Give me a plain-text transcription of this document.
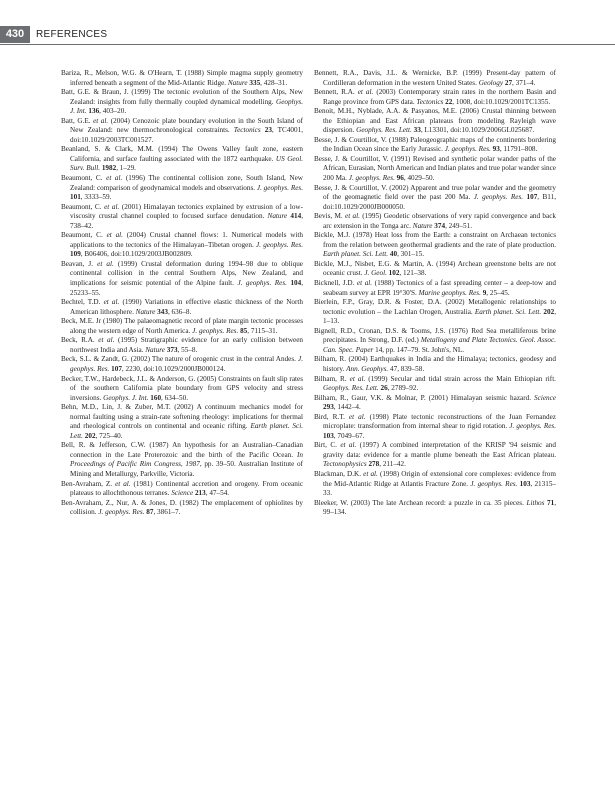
430	REFERENCES
Bariza, R., Melson, W.G. & O'Hearn, T. (1988) Simple magma supply geometry inferred beneath a segment of the Mid-Atlantic Ridge. Nature 335, 428–31.
Batt, G.E. & Braun, J. (1999) The tectonic evolution of the Southern Alps, New Zealand: insights from fully thermally coupled dynamical modelling. Geophys. J. Int. 136, 403–20.
Batt, G.E. et al. (2004) Cenozoic plate boundary evolution in the South Island of New Zealand: new thermochronological constraints. Tectonics 23, TC4001, doi:10.1029/2003TC001527.
Beanland, S. & Clark, M.M. (1994) The Owens Valley fault zone, eastern California, and surface faulting associated with the 1872 earthquake. US Geol. Surv. Bull. 1982, 1–29.
Beaumont, C. et al. (1996) The continental collision zone, South Island, New Zealand: comparison of geodynamical models and observations. J. geophys. Res. 101, 3333–59.
Beaumont, C. et al. (2001) Himalayan tectonics explained by extrusion of a low-viscosity crustal channel coupled to focused surface denudation. Nature 414, 738–42.
Beaumont, C. et al. (2004) Crustal channel flows: 1. Numerical models with applications to the tectonics of the Himalayan–Tibetan orogen. J. geophys. Res. 109, B06406, doi:10.1029/2003JB002809.
Beavan, J. et al. (1999) Crustal deformation during 1994–98 due to oblique continental collision in the central Southern Alps, New Zealand, and implications for seismic potential of the Alpine fault. J. geophys. Res. 104, 25233–55.
Bechtel, T.D. et al. (1990) Variations in effective elastic thickness of the North American lithosphere. Nature 343, 636–8.
Beck, M.E. Jr (1980) The palaeomagnetic record of plate margin tectonic processes along the western edge of North America. J. geophys. Res. 85, 7115–31.
Beck, R.A. et al. (1995) Stratigraphic evidence for an early collision between northwest India and Asia. Nature 373, 55–8.
Beck, S.L. & Zandt, G. (2002) The nature of orogenic crust in the central Andes. J. geophys. Res. 107, 2230, doi:10.1029/2000JB000124.
Becker, T.W., Hardebeck, J.L. & Anderson, G. (2005) Constraints on fault slip rates of the southern California plate boundary from GPS velocity and stress inversions. Geophys. J. Int. 160, 634–50.
Behn, M.D., Lin, J. & Zuber, M.T. (2002) A continuum mechanics model for normal faulting using a strain-rate softening rheology: implications for thermal and rheological controls on continental and oceanic rifting. Earth planet. Sci. Lett. 202, 725–40.
Bell, R. & Jefferson, C.W. (1987) An hypothesis for an Australian–Canadian connection in the Late Proterozoic and the birth of the Pacific Ocean. In Proceedings of Pacific Rim Congress, 1987, pp. 39–50. Australian Institute of Mining and Metallurgy, Parkville, Victoria.
Ben-Avraham, Z. et al. (1981) Continental accretion and orogeny. From oceanic plateaus to allochthonous terranes. Science 213, 47–54.
Ben-Avraham, Z., Nur, A. & Jones, D. (1982) The emplacement of ophiolites by collision. J. geophys. Res. 87, 3861–7.
Bennett, R.A., Davis, J.L. & Wernicke, B.P. (1999) Present-day pattern of Cordilleran deformation in the western United States. Geology 27, 371–4.
Bennett, R.A. et al. (2003) Contemporary strain rates in the northern Basin and Range province from GPS data. Tectonics 22, 1008, doi:10.1029/2001TC1355.
Benoit, M.H., Nyblade, A.A. & Pasyanos, M.E. (2006) Crustal thinning between the Ethiopian and East African plateaus from modeling Rayleigh wave dispersion. Geophys. Res. Lett. 33, L13301, doi:10.1029/2006GL025687.
Besse, J. & Courtillot, V. (1988) Paleogeographic maps of the continents bordering the Indian Ocean since the Early Jurassic. J. geophys. Res. 93, 11791–808.
Besse, J. & Courtillot, V. (1991) Revised and synthetic polar wander paths of the African, Eurasian, North American and Indian plates and true polar wander since 200 Ma. J. geophys. Res. 96, 4029–50.
Besse, J. & Courtillot, V. (2002) Apparent and true polar wander and the geometry of the geomagnetic field over the past 200 Ma. J. geophys. Res. 107, B11, doi:10.1029/2000JB000050.
Bevis, M. et al. (1995) Geodetic observations of very rapid convergence and back arc extension in the Tonga arc. Nature 374, 249–51.
Bickle, M.J. (1978) Heat loss from the Earth: a constraint on Archaean tectonics from the relation between geothermal gradients and the rate of plate production. Earth planet. Sci. Lett. 40, 301–15.
Bickle, M.J., Nisbet, E.G. & Martin, A. (1994) Archean greenstone belts are not oceanic crust. J. Geol. 102, 121–38.
Bicknell, J.D. et al. (1988) Tectonics of a fast spreading center – a deep-tow and seabeam survey at EPR 19°30'S. Marine geophys. Res. 9, 25–45.
Bierlein, F.P., Gray, D.R. & Foster, D.A. (2002) Metallogenic relationships to tectonic evolution – the Lachlan Orogen, Australia. Earth planet. Sci. Lett. 202, 1–13.
Bignell, R.D., Cronan, D.S. & Tooms, J.S. (1976) Red Sea metalliferous brine precipitates. In Strong, D.F. (ed.) Metallogeny and Plate Tectonics. Geol. Assoc. Can. Spec. Paper 14, pp. 147–79. St. John's, NL.
Bilham, R. (2004) Earthquakes in India and the Himalaya; tectonics, geodesy and history. Ann. Geophys. 47, 839–58.
Bilham, R. et al. (1999) Secular and tidal strain across the Main Ethiopian rift. Geophys. Res. Lett. 26, 2789–92.
Bilham, R., Gaur, V.K. & Molnar, P. (2001) Himalayan seismic hazard. Science 293, 1442–4.
Bird, R.T. et al. (1998) Plate tectonic reconstructions of the Juan Fernandez microplate: transformation from internal shear to rigid rotation. J. geophys. Res. 103, 7049–67.
Birt, C. et al. (1997) A combined interpretation of the KRISP '94 seismic and gravity data: evidence for a mantle plume beneath the East African plateau. Tectonophysics 278, 211–42.
Blackman, D.K. et al. (1998) Origin of extensional core complexes: evidence from the Mid-Atlantic Ridge at Atlantis Fracture Zone. J. geophys. Res. 103, 21315–33.
Bleeker, W. (2003) The late Archean record: a puzzle in ca. 35 pieces. Lithos 71, 99–134.
